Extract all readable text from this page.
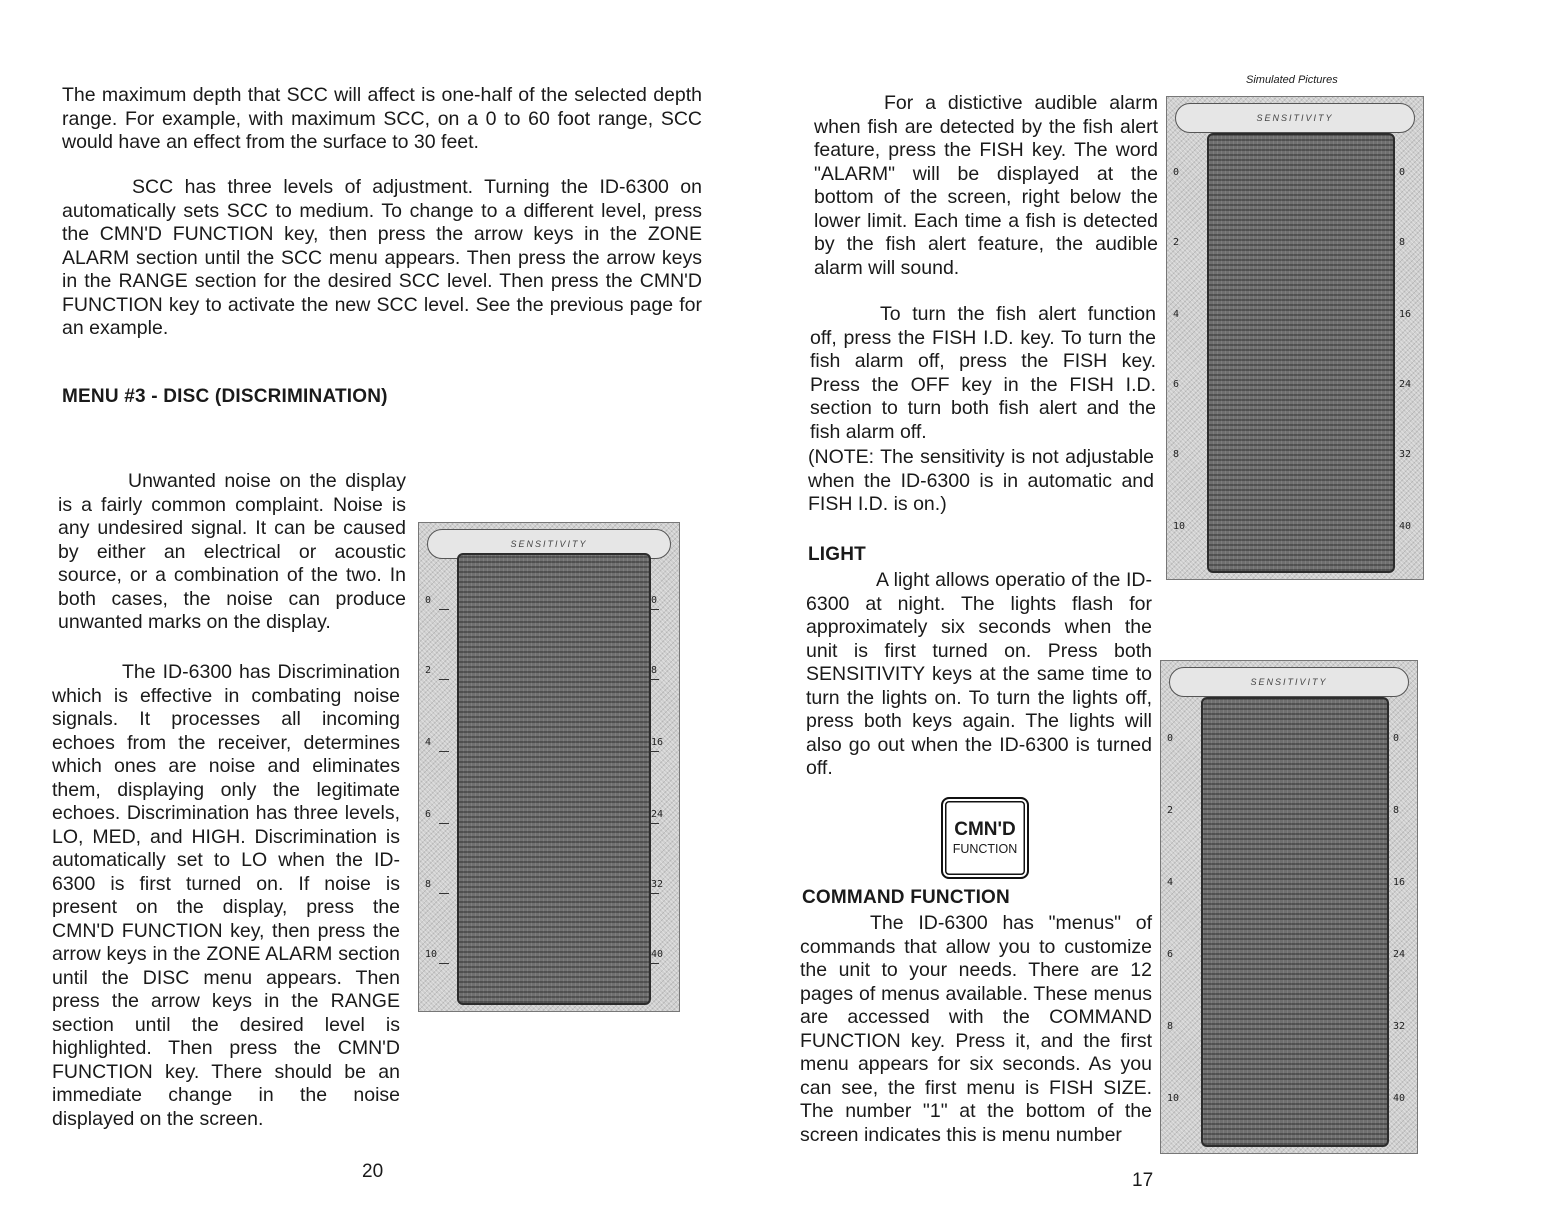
The maximum depth that SCC will affect is one-half of the selected depth range. For example, with maximum SCC, on a 0 to 60 foot range, SCC would have an effect from the surface to 30 feet.

SCC has three levels of adjustment. Turning the ID-6300 on automatically sets SCC to medium. To change to a different level, press the CMN'D FUNCTION key, then press the arrow keys in the ZONE ALARM section until the SCC menu appears. Then press the arrow keys in the RANGE section for the desired SCC level. Then press the CMN'D FUNCTION key to activate the new SCC level. See the previous page for an example.

MENU #3 - DISC (DISCRIMINATION)

Unwanted noise on the display is a fairly common complaint. Noise is any undesired signal. It can be caused by either an electrical or acoustic source, or a combination of the two. In both cases, the noise can produce unwanted marks on the display.

The ID-6300 has Discrimination which is effective in combating noise signals. It processes all incoming echoes from the receiver, determines which ones are noise and eliminates them, displaying only the legitimate echoes. Discrimination has three levels, LO, MED, and HIGH. Discrimination is automatically set to LO when the ID-6300 is first turned on. If noise is present on the display, press the CMN'D FUNCTION key, then press the arrow keys in the ZONE ALARM section until the DISC menu appears. Then press the arrow keys in the RANGE section until the desired level is highlighted. Then press the CMN'D FUNCTION key. There should be an immediate change in the noise displayed on the screen.

SENSITIVITY
0
2
4
6
8
10
0
8
16
24
32
40
20
Simulated Pictures

For a distictive audible alarm when fish are detected by the fish alert feature, press the FISH key. The word "ALARM" will be displayed at the bottom of the screen, right below the lower limit. Each time a fish is detected by the fish alert feature, the audible alarm will sound.

To turn the fish alert function off, press the FISH I.D. key. To turn the fish alarm off, press the FISH key. Press the OFF key in the FISH I.D. section to turn both fish alert and the fish alarm off.

(NOTE: The sensitivity is not adjustable when the ID-6300 is in automatic and FISH I.D. is on.)

LIGHT

A light allows operatio of the ID-6300 at night. The lights flash for approximately six seconds when the unit is first turned on. Press both SENSITIVITY keys at the same time to turn the lights on. To turn the lights off, press both keys again. The lights will also go out when the ID-6300 is turned off.

CMN'D
FUNCTION
COMMAND FUNCTION

The ID-6300 has "menus" of commands that allow you to customize the unit to your needs. There are 12 pages of menus available. These menus are accessed with the COMMAND FUNCTION key. Press it, and the first menu appears for six seconds. As you can see, the first menu is FISH SIZE. The number "1" at the bottom of the screen indicates this is menu number

SENSITIVITY
0
2
4
6
8
10
0
8
16
24
32
40
SENSITIVITY
0
2
4
6
8
10
0
8
16
24
32
40
17
